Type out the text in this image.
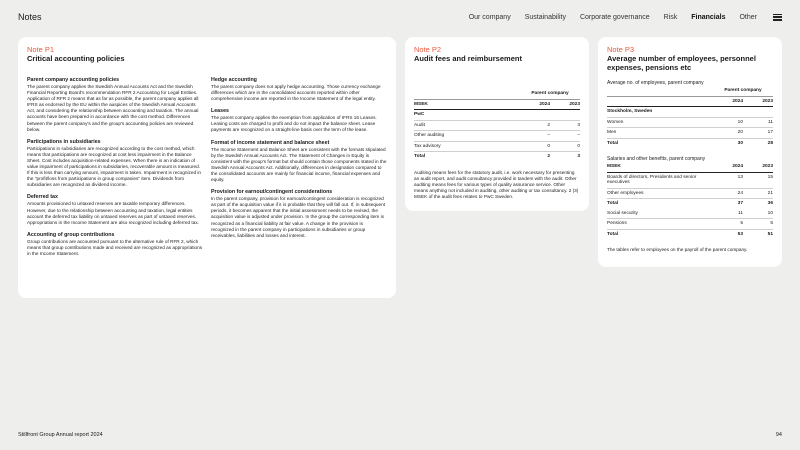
Notes	Our company Sustainability Corporate governance Risk Financials Other
Note P1
Critical accounting policies
Parent company accounting policies

The parent company applies the Swedish Annual Accounts Act and the Swedish Financial Reporting Board's recommendation RFR 2 Accounting for Legal Entities. Application of RFR 2 means that as far as possible, the parent company applies all IFRS as endorsed by the EU within the auspices of the Swedish Annual Accounts Act, and considering the relationship between accounting and taxation. The annual accounts have been prepared in accordance with the cost method. Differences between the parent company's and the group's accounting policies are reviewed below.

Participations in subsidiaries

Participations in subsidiaries are recognized according to the cost method, which means that participations are recognized at cost less impairment in the Balance Sheet. Cost includes acquisition-related expenses. When there is an indication of value impairment of participations in subsidiaries, recoverable amount is measured. If this is less than carrying amount, impairment is taken. Impairment is recognized in the "profit/loss from participations in group companies" item. Dividends from subsidiaries are recognized as dividend income.

Deferred tax

Amounts provisioned to untaxed reserves are taxable temporary differences. However, due to the relationship between accounting and taxation, legal entities account the deferred tax liability on untaxed reserves as part of untaxed reserves. Appropriations in the Income Statement are also recognized including deferred tax.

Accounting of group contributions

Group contributions are accounted pursuant to the alternative rule of RFR 2, which means that group contributions made and received are recognized as appropriations in the Income Statement.

Hedge accounting

The parent company does not apply hedge accounting. Those currency exchange differences which are in the consolidated accounts reported within other comprehensive income are reported in the Income Statement of the legal entity.

Leases

The parent company applies the exemption from application of IFRS 16 Leases. Leasing costs are charged to profit and do not impact the balance sheet. Lease payments are recognized on a straight-line basis over the term of the lease.

Format of income statement and balance sheet

The Income Statement and Balance Sheet are consistent with the formats stipulated by the Swedish Annual Accounts Act. The Statement of Changes in Equity is consistent with the group's format but should contain those components stated in the Swedish Annual Accounts Act. Additionally, differences in designation compared to the consolidated accounts are mainly for financial income, financial expenses and equity.

Provision for earnout/contingent considerations

In the parent company, provision for earnout/contingent consideration is recognized as part of the acquisition value if it is probable that they will fall out. If, in subsequent periods, it becomes apparent that the initial assessment needs to be revised, the acquisition value is adjusted under provision. In the group the corresponding item is recognized as a financial liability at fair value. A change in the provision is recognized in the parent company in participations in subsidiaries or group receivables, liabilities and losses and interest.

Note P2
Audit fees and reimbursement
	Parent company	
MSEK	2024	2023
PwC		
Audit	2	3
Other auditing	–	–
Tax advisory	0	0
Total	2	3
Auditing means fees for the statutory audit, i.e. work necessary for presenting an audit report, and audit consultancy provided in tandem with the audit. Other auditing means fees for various types of quality assurance service. Other means anything not included in auditing, other auditing or tax consultancy. 2 (3) MSEK of the audit fees relates to PwC Sweden.
Note P3
Average number of employees, personnel expenses, pensions etc
Average no. of employees, parent company
	Parent company	
	2024	2023
Stockholm, Sweden		
Women	10	11
Men	20	17
Total	30	28
Salaries and other benefits, parent company
MSEK	2024	2023
Boards of directors, Presidents and senior executives	13	15
Other employees	24	21
Total	37	36
Social security	11	10
Pensions	5	5
Total	53	51
The tables refer to employees on the payroll of the parent company.
Stillfront Group Annual report 2024	94
